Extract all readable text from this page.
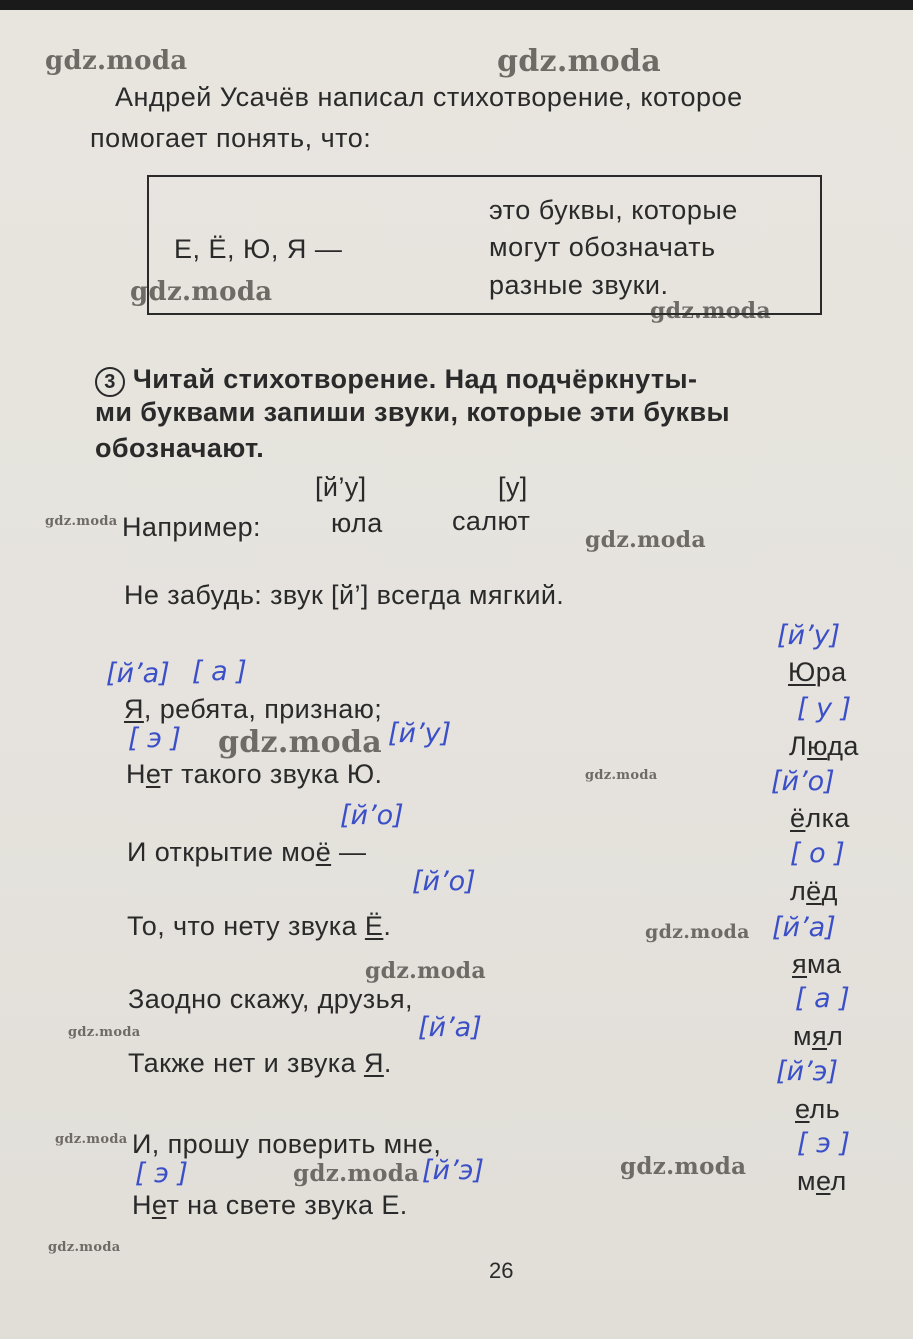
gdz.moda	gdz.moda
gdz.moda
gdz.moda
gdz.moda
gdz.moda
gdz.moda
gdz.moda
gdz.moda
gdz.moda
gdz.moda
gdz.moda
gdz.moda	gdz.moda
gdz.moda
Андрей Усачёв написал стихотворение, которое
помогает понять, что:
Е, Ё, Ю, Я —
это буквы, которые
могут обозначать
разные звуки.
3 Читай стихотворение. Над подчёркнуты-
ми буквами запиши звуки, которые эти буквы
обозначают.
[й’у]	[у]
Например:	юла	салют
Не забудь: звук [й’] всегда мягкий.
[й’а] [ а ]
[ э ]	[й’у]
[й’о]
[й’о]
[й’а]
[ э ]	[й’э]
Я, ребята, признаю;
Нет такого звука Ю.
И открытие моё —
То, что нету звука Ё.
Заодно скажу, друзья,
Также нет и звука Я.
И, прошу поверить мне,
Нет на свете звука Е.
[й’у]
Юра
[ у ]
Люда
[й’о]
ёлка
[ о ]
лёд
[й’а]
яма
[ а ]
мял
[й’э]
ель
[ э ]
мел
26
